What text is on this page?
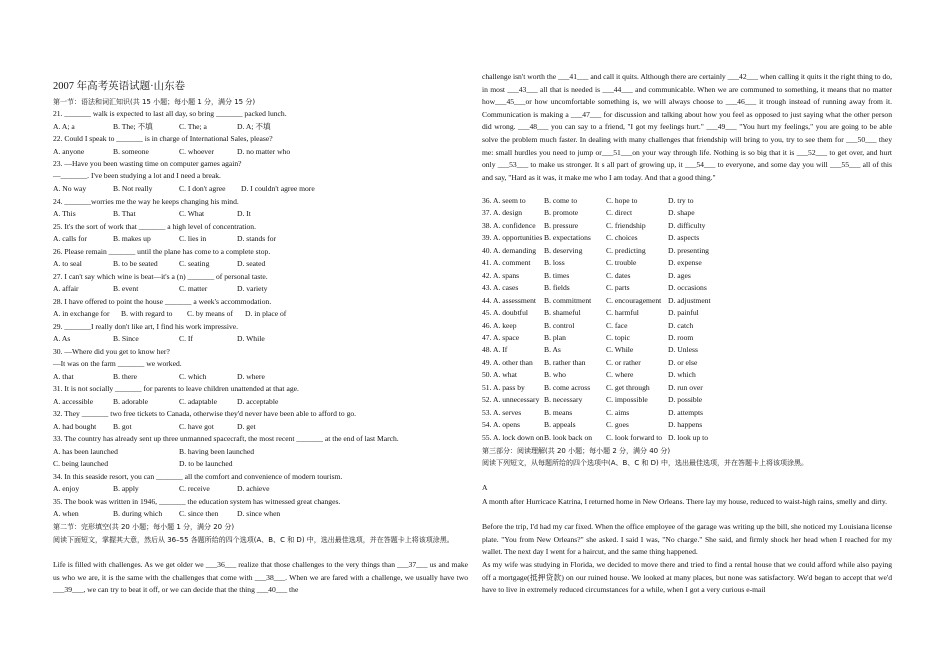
2007 年高考英语试题·山东卷
第一节：语法和词汇知识(共 15 小题；每小题 1 分，满分 15 分)
21. _______ walk is expected to last all day, so bring _______ packed lunch.
A. A; a	B. The; 不填	C. The; a	D. A; 不填
22. Could I speak to _______ is in charge of International Sales, please?
A. anyone	B. someone	C. whoever	D. no matter who
23. —Have you been wasting time on computer games again?
—_______. I've been studying a lot and I need a break.
A. No way	B. Not really	C. I don't agree D. I couldn't agree more
24. _______worries me the way he keeps changing his mind.
A. This	B. That	C. What	D. It
25. It's the sort of work that _______ a high level of concentration.
A. calls for	B. makes up	C. lies in	D. stands for
26. Please remain _______ until the plane has come to a complete stop.
A. to seal	B. to be seated	C. seating	D. seated
27. I can't say which wine is beat—it's a (n) _______ of personal taste.
A. affair	B. event	C. matter	D. variety
28. I have offered to point the house _______ a week's accommodation.
A. in exchange for B. with regard to C. by means of D. in place of
29. _______I really don't like art, I find his work impressive.
A. As	B. Since	C. If	D. While
30. —Where did you get to know her?
—It was on the farm _______ we worked.
A. that	B. there	C. which	D. where
31. It is not socially _______ for parents to leave children unattended at that age.
A. accessible	B. adorable	C. adaptable	D. acceptable
32. They _______ two free tickets to Canada, otherwise they'd never have been able to afford to go.
A. had bought B. got	C. have got	D. get
33. The country has already sent up three unmanned spacecraft, the most recent _______ at the end of last March.
A. has been launched	B. having been launched
C. being launched	D. to be launched
34. In this seaside resort, you can _______ all the comfort and convenience of modern tourism.
A. enjoy	B. apply	C. receive	D. achieve
35. The book was written in 1946, _______ the education system has witnessed great changes.
A. when	B. during which C. since then D. since when
第二节：完形填空(共 20 小题；每小题 1 分，满分 20 分)
阅读下面短文，掌握其大意，然后从 36–55 各题所给的四个选项(A、B、C 和 D) 中，选出最佳选项，并在答题卡上将该项涂黑。
Life is filled with challenges. As we get older we ___36___ realize that those challenges to the very things than ___37___ us and make us who we are, it is the same with the challenges that come with ___38___. When we are fared with a challenge, we usually have two ___39___, we can try to beat it off, or we can decide that the thing ___40___ the
challenge isn't worth the ___41___ and call it quits. Although there are certainly ___42___ when calling it quits it the right thing to do, in most ___43___ all that is needed is ___44___ and communicable. When we are communed to something, it means that no matter how___45___or how uncomfortable something is, we will always choose to ___46___ it trough instead of running away from it. Communication is making a ___47___ for discussion and talking about how you feel as opposed to just saying what the other person did wrong. ___48___ you can say to a friend, "I got my feelings hurt." ___49___ "You hurt my feelings," you are going to be able solve the problem much faster. In dealing with many challenges that friendship will bring to you, try to see them for ___50___ they me: small hurdles you need to jump or___51___on your way through life. Nothing is so big that it is ___52___ to get over, and hurt only ___53___ to make us stronger. It s all part of growing up, it ___54___ to everyone, and some day you will ___55___ all of this and say, "Hard as it was, it make me who I am today. And that a good thing."
36. A. seem to B. come to	C. hope to	D. try to
37. A. design	B. promote	C. direct	D. shape
38. A. confidence B. pressure	C. friendship	D. difficulty
39. A. opportunities B. expectations C. choices	D. aspects
40. A. demanding B. deserving	C. predicting	D. presenting
41. A. comment B. loss	C. trouble	D. expense
42. A. spans	B. times	C. dates	D. ages
43. A. cases	B. fields	C. parts	D. occasions
44. A. assessment B. commitment C. encouragement D. adjustment
45. A. doubtful B. shameful	C. harmful	D. painful
46. A. keep	B. control	C. face	D. catch
47. A. space	B. plan	C. topic	D. room
48. A. If	B. As	C. While	D. Unless
49. A. other than B. rather than	C. or rather	D. or else
50. A. what	B. who	C. where	D. which
51. A. pass by	B. come across C. get through D. run over
52. A. unnecessary B. necessary	C. impossible	D. possible
53. A. serves	B. means	C. aims	D. attempts
54. A. opens	B. appeals	C. goes	D. happens
55. A. lock down onB. look back on C. look forward to D. look up to
第三部分：阅读理解(共 20 小题；每小题 2 分，满分 40 分)
阅读下列短文，从每题所给的四个选项中(A、B、C 和 D) 中，选出最佳选项，并在答题卡上将该项涂黑。
A
A month after Hurricace Katrina, I returned home in New Orleans. There lay my house, reduced to waist-high rains, smelly and dirty.
Before the trip, I'd had my car fixed. When the office employee of the garage was writing up the bill, she noticed my Louisiana license plate. "You from New Orleans?" she asked. I said I was, "No charge." She said, and firmly shock her head when I reached for my wallet. The next day I went for a haircut, and the same thing happened.
As my wife was studying in Florida, we decided to move there and tried to find a rental house that we could afford while also paying off a mortgage(抵押贷款) on our ruined house. We looked at many places, but none was satisfactory. We'd began to accept that we'd have to live in extremely reduced circumstances for a while, when I got a very curious e-mail
